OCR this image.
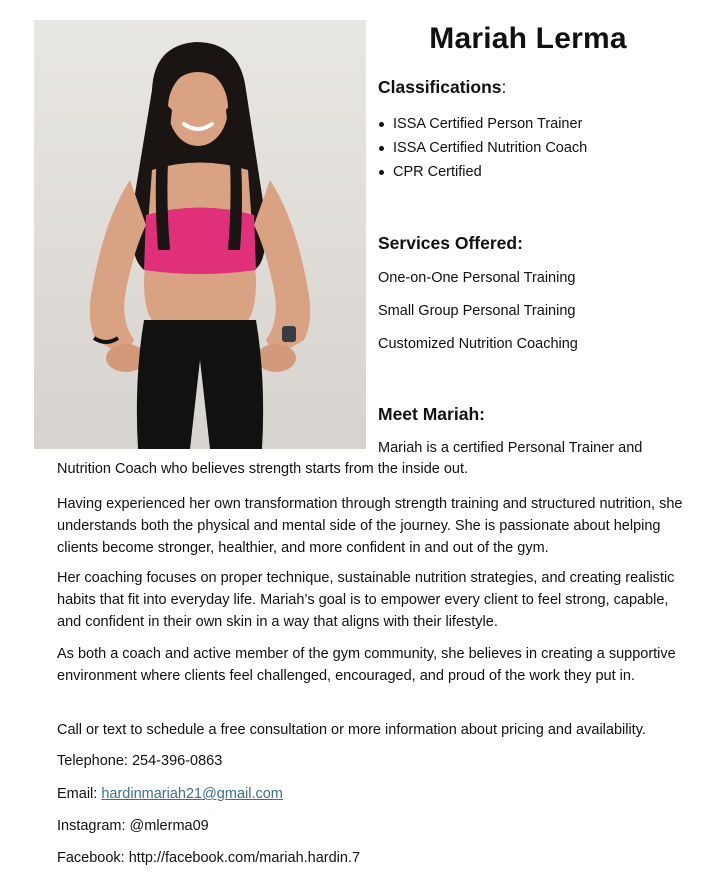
Mariah Lerma
Classifications:
ISSA Certified Person Trainer
ISSA Certified Nutrition Coach
CPR Certified
Services Offered:
One-on-One Personal Training
Small Group Personal Training
Customized Nutrition Coaching
Meet Mariah:
Mariah is a certified Personal Trainer and
Nutrition Coach who believes strength starts from the inside out.

Having experienced her own transformation through strength training and structured nutrition, she understands both the physical and mental side of the journey. She is passionate about helping clients become stronger, healthier, and more confident in and out of the gym.

Her coaching focuses on proper technique, sustainable nutrition strategies, and creating realistic habits that fit into everyday life. Mariah’s goal is to empower every client to feel strong, capable, and confident in their own skin in a way that aligns with their lifestyle.

As both a coach and active member of the gym community, she believes in creating a supportive environment where clients feel challenged, encouraged, and proud of the work they put in.

Call or text to schedule a free consultation or more information about pricing and availability.

Telephone: 254-396-0863
Email: hardinmariah21@gmail.com
Instagram: @mlerma09
Facebook: http://facebook.com/mariah.hardin.7
